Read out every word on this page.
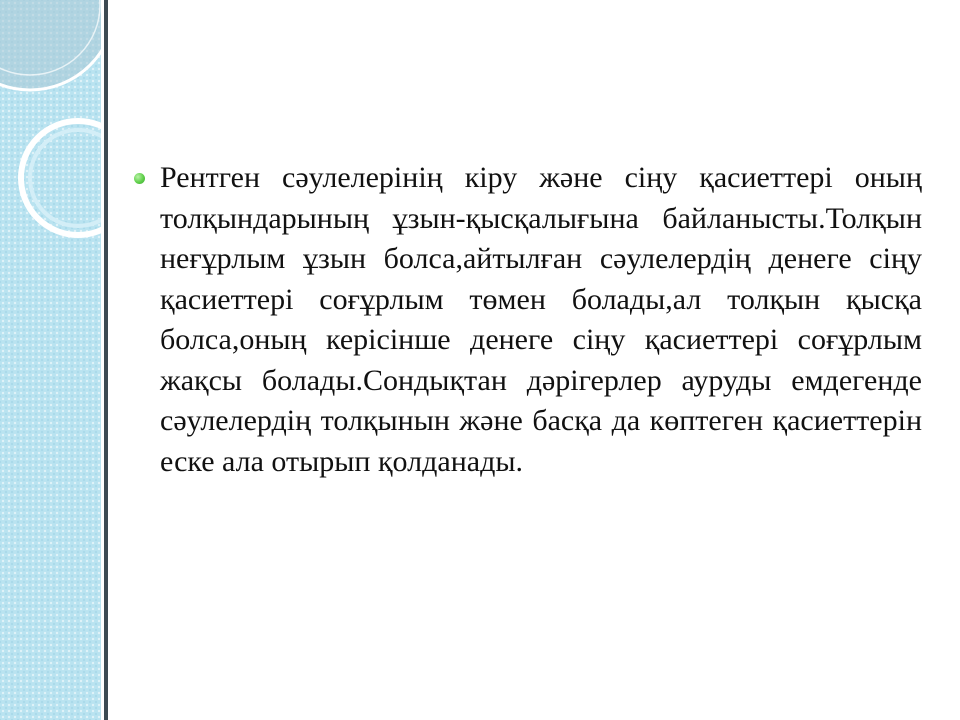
Рентген сәулелерінің кіру және сіңу қасиеттері оның толқындарының ұзын-қысқалығына байланысты.Толқын неғұрлым ұзын болса,айтылған сәулелердің денеге сіңу қасиеттері соғұрлым төмен болады,ал толқын қысқа болса,оның керісінше денеге сіңу қасиеттері соғұрлым жақсы болады.Сондықтан дәрігерлер ауруды емдегенде сәулелердің толқынын және басқа да көптеген қасиеттерін еске ала отырып қолданады.
